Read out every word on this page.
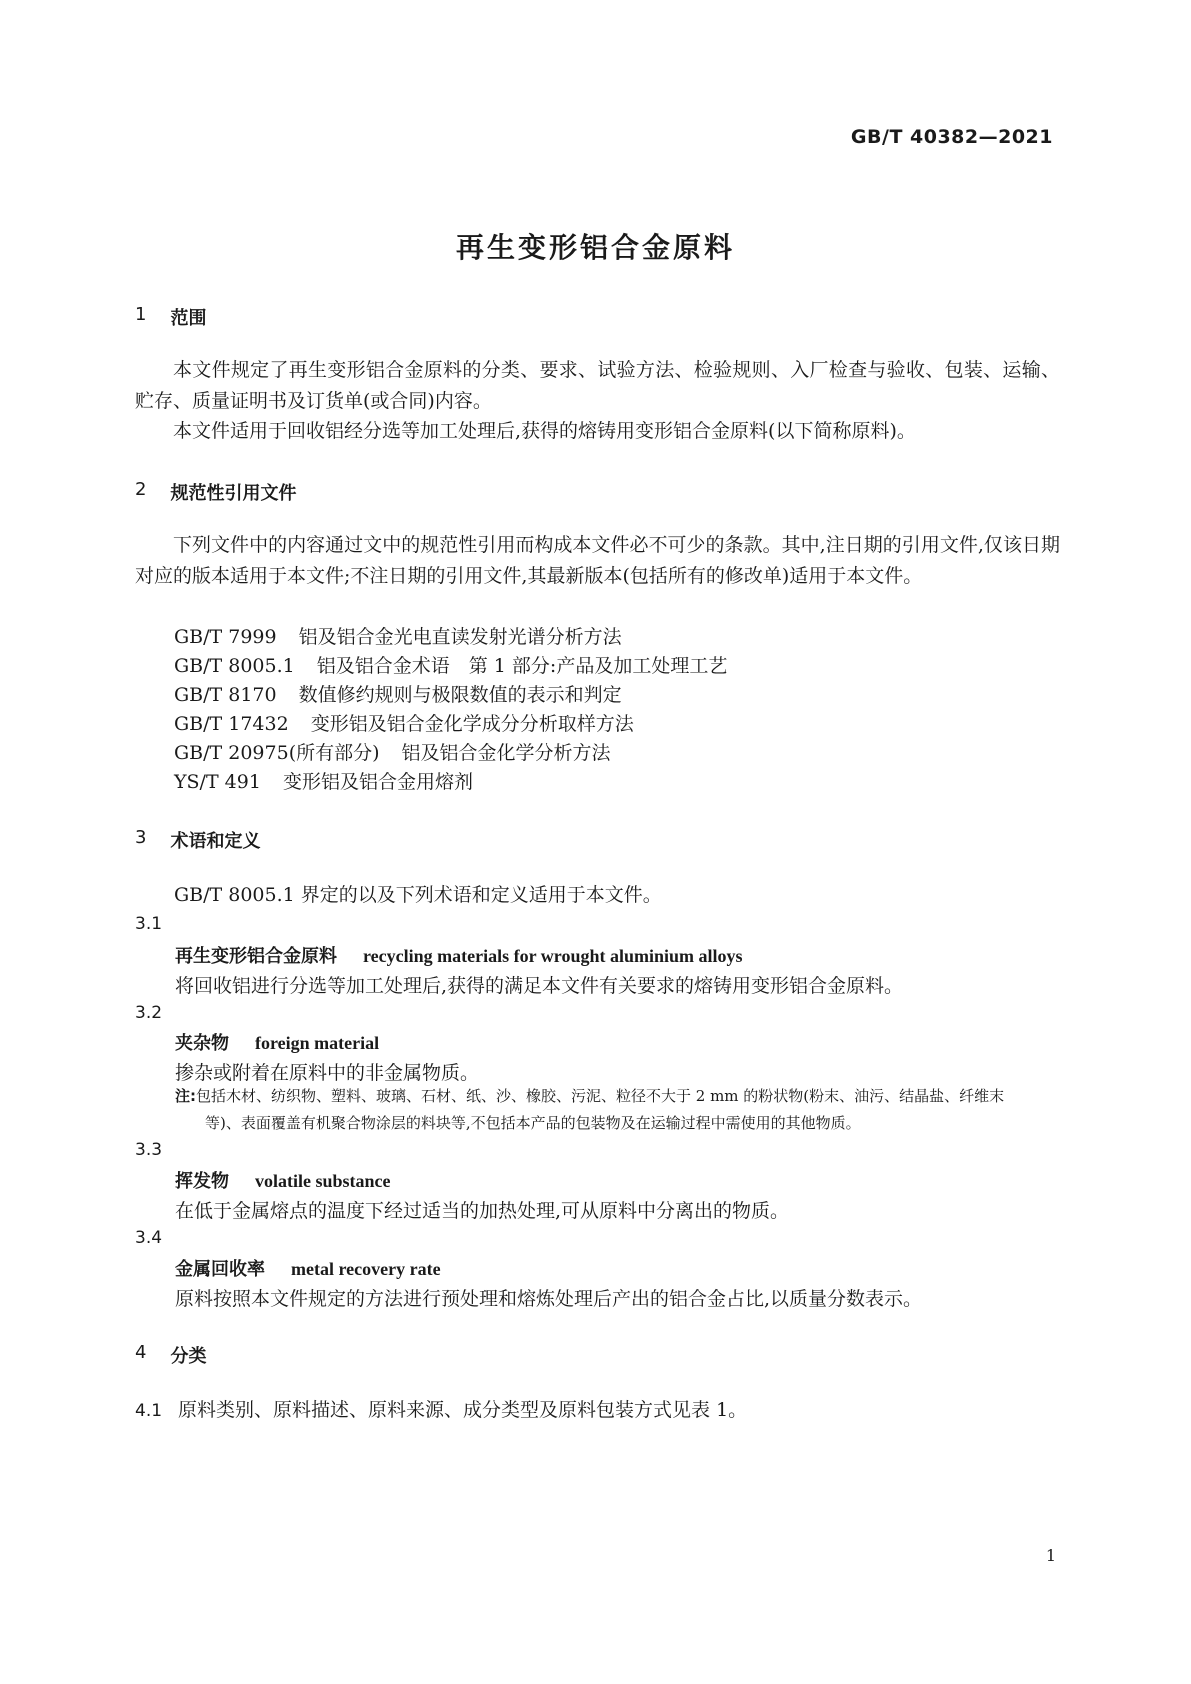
GB/T 40382—2021
再生变形铝合金原料
1 范围
本文件规定了再生变形铝合金原料的分类、要求、试验方法、检验规则、入厂检查与验收、包装、运输、贮存、质量证明书及订货单(或合同)内容。
本文件适用于回收铝经分选等加工处理后,获得的熔铸用变形铝合金原料(以下简称原料)。
2 规范性引用文件
下列文件中的内容通过文中的规范性引用而构成本文件必不可少的条款。其中,注日期的引用文件,仅该日期对应的版本适用于本文件;不注日期的引用文件,其最新版本(包括所有的修改单)适用于本文件。
GB/T 7999 铝及铝合金光电直读发射光谱分析方法
GB/T 8005.1 铝及铝合金术语　第 1 部分:产品及加工处理工艺
GB/T 8170 数值修约规则与极限数值的表示和判定
GB/T 17432 变形铝及铝合金化学成分分析取样方法
GB/T 20975(所有部分) 铝及铝合金化学分析方法
YS/T 491 变形铝及铝合金用熔剂
3 术语和定义
GB/T 8005.1 界定的以及下列术语和定义适用于本文件。
3.1
再生变形铝合金原料 recycling materials for wrought aluminium alloys
将回收铝进行分选等加工处理后,获得的满足本文件有关要求的熔铸用变形铝合金原料。
3.2
夹杂物 foreign material
掺杂或附着在原料中的非金属物质。
注:包括木材、纺织物、塑料、玻璃、石材、纸、沙、橡胶、污泥、粒径不大于 2 mm 的粉状物(粉末、油污、结晶盐、纤维末
等)、表面覆盖有机聚合物涂层的料块等,不包括本产品的包装物及在运输过程中需使用的其他物质。
3.3
挥发物 volatile substance
在低于金属熔点的温度下经过适当的加热处理,可从原料中分离出的物质。
3.4
金属回收率 metal recovery rate
原料按照本文件规定的方法进行预处理和熔炼处理后产出的铝合金占比,以质量分数表示。
4 分类
4.1 原料类别、原料描述、原料来源、成分类型及原料包装方式见表 1。
1
